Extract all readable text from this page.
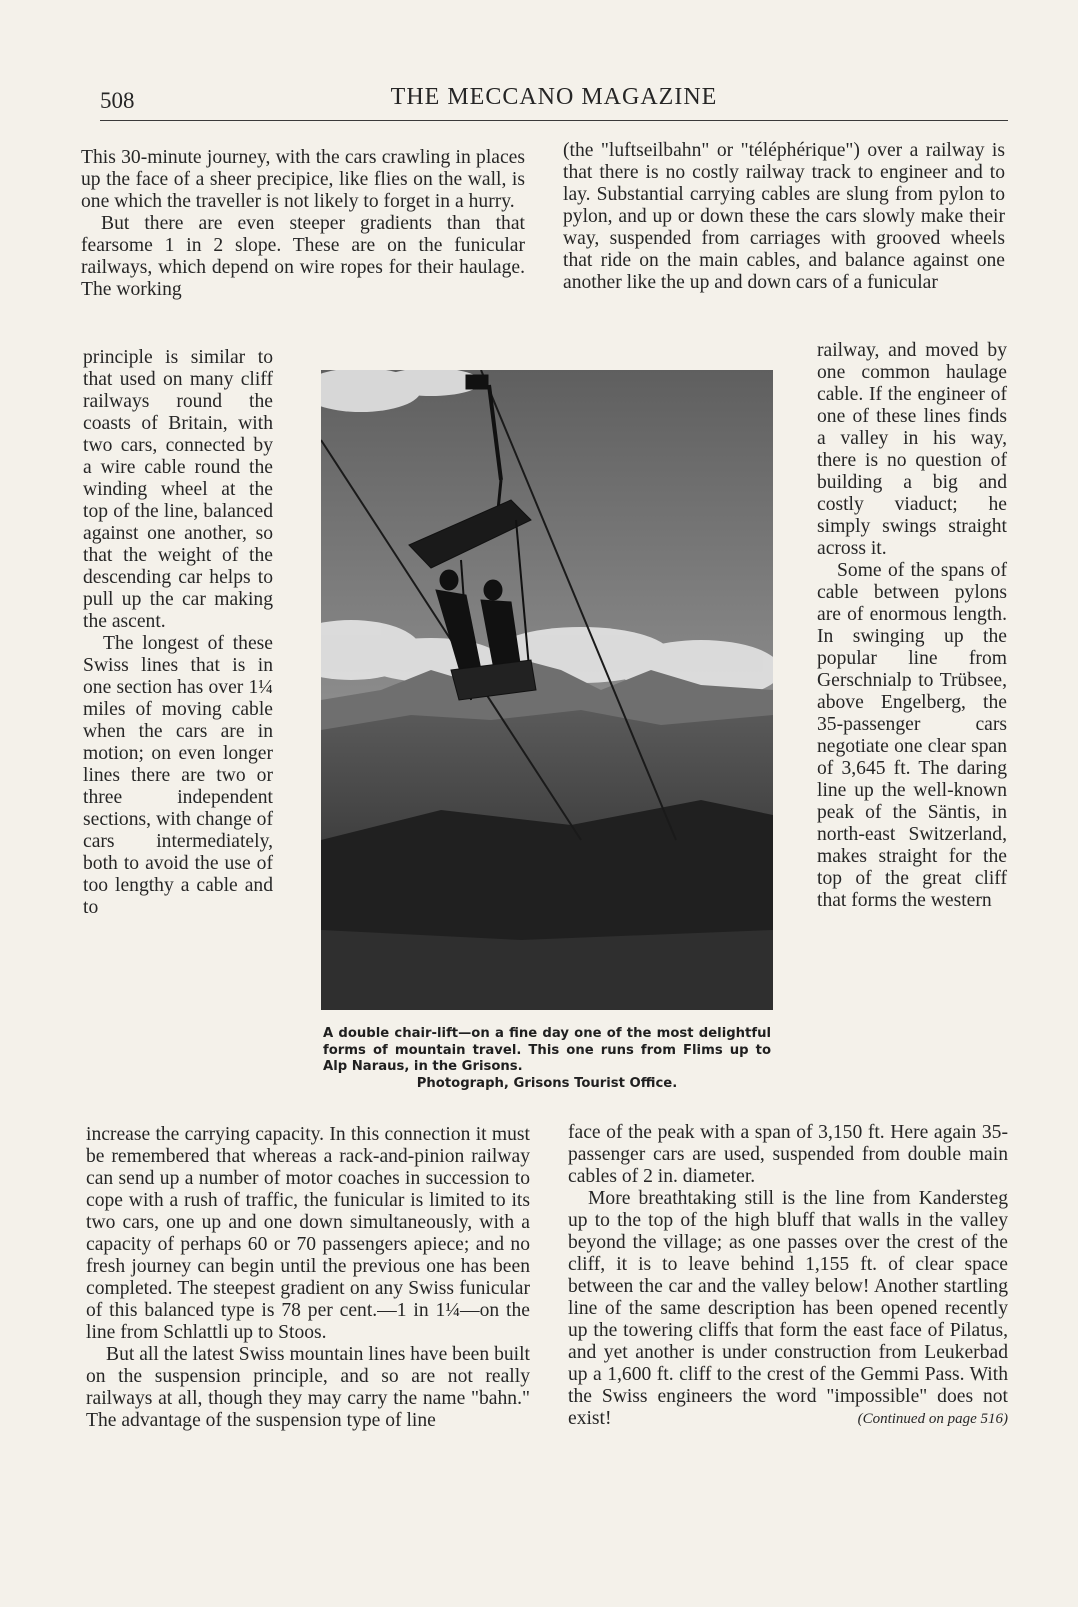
508	THE MECCANO MAGAZINE

This 30-minute journey, with the cars crawling in places up the face of a sheer precipice, like flies on the wall, is one which the traveller is not likely to forget in a hurry.

But there are even steeper gradients than that fearsome 1 in 2 slope. These are on the funicular railways, which depend on wire ropes for their haulage. The working

principle is similar to that used on many cliff railways round the coasts of Britain, with two cars, connected by a wire cable round the winding wheel at the top of the line, balanced against one another, so that the weight of the descending car helps to pull up the car making the ascent.

The longest of these Swiss lines that is in one section has over 1¼ miles of moving cable when the cars are in motion; on even longer lines there are two or three independent sections, with change of cars intermediately, both to avoid the use of too lengthy a cable and to

increase the carrying capacity. In this connection it must be remembered that whereas a rack-and-pinion railway can send up a number of motor coaches in succession to cope with a rush of traffic, the funicular is limited to its two cars, one up and one down simultaneously, with a capacity of perhaps 60 or 70 passengers apiece; and no fresh journey can begin until the previous one has been completed. The steepest gradient on any Swiss funicular of this balanced type is 78 per cent.—1 in 1¼—on the line from Schlattli up to Stoos.

But all the latest Swiss mountain lines have been built on the suspension principle, and so are not really railways at all, though they may carry the name "bahn." The advantage of the suspension type of line

(the "luftseilbahn" or "téléphérique") over a railway is that there is no costly railway track to engineer and to lay. Substantial carrying cables are slung from pylon to pylon, and up or down these the cars slowly make their way, suspended from carriages with grooved wheels that ride on the main cables, and balance against one another like the up and down cars of a funicular

railway, and moved by one common haulage cable. If the engineer of one of these lines finds a valley in his way, there is no question of building a big and costly viaduct; he simply swings straight across it.

Some of the spans of cable between pylons are of enormous length. In swinging up the popular line from Gerschnialp to Trübsee, above Engelberg, the 35-passenger cars negotiate one clear span of 3,645 ft. The daring line up the well-known peak of the Säntis, in north-east Switzerland, makes straight for the top of the great cliff that forms the western

face of the peak with a span of 3,150 ft. Here again 35-passenger cars are used, suspended from double main cables of 2 in. diameter.

More breathtaking still is the line from Kandersteg up to the top of the high bluff that walls in the valley beyond the village; as one passes over the crest of the cliff, it is to leave behind 1,155 ft. of clear space between the car and the valley below! Another startling line of the same description has been opened recently up the towering cliffs that form the east face of Pilatus, and yet another is under construction from Leukerbad up a 1,600 ft. cliff to the crest of the Gemmi Pass. With the Swiss engineers the word "impossible" does not exist!	(Continued on page 516)

A double chair-lift—on a fine day one of the most delightful forms of mountain travel. This one runs from Flims up to Alp Naraus, in the Grisons.
Photograph, Grisons Tourist Office.
